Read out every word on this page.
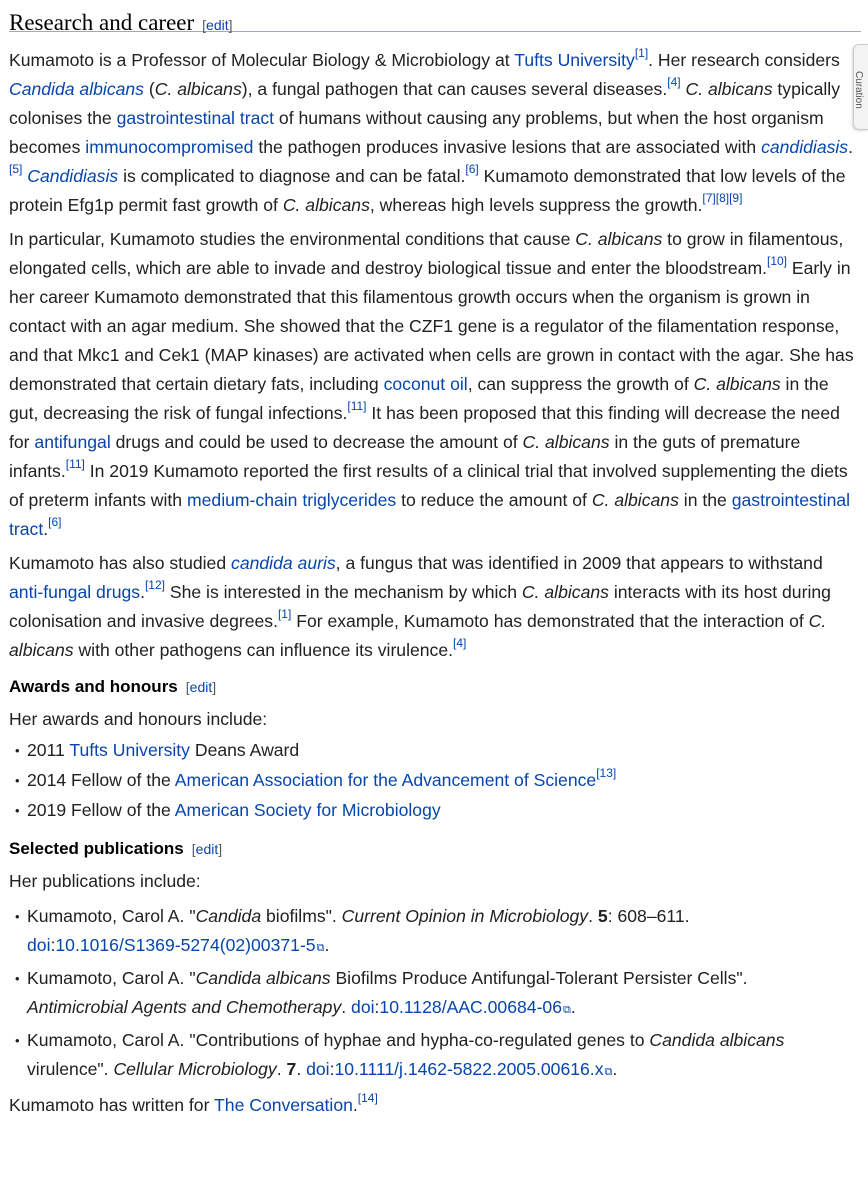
Curation
Research and career [edit]

Kumamoto is a Professor of Molecular Biology & Microbiology at Tufts University[1]. Her research considers Candida albicans (C. albicans), a fungal pathogen that can causes several diseases.[4] C. albicans typically colonises the gastrointestinal tract of humans without causing any problems, but when the host organism becomes immunocompromised the pathogen produces invasive lesions that are associated with candidiasis.[5] Candidiasis is complicated to diagnose and can be fatal.[6] Kumamoto demonstrated that low levels of the protein Efg1p permit fast growth of C. albicans, whereas high levels suppress the growth.[7][8][9]

In particular, Kumamoto studies the environmental conditions that cause C. albicans to grow in filamentous, elongated cells, which are able to invade and destroy biological tissue and enter the bloodstream.[10] Early in her career Kumamoto demonstrated that this filamentous growth occurs when the organism is grown in contact with an agar medium. She showed that the CZF1 gene is a regulator of the filamentation response, and that Mkc1 and Cek1 (MAP kinases) are activated when cells are grown in contact with the agar. She has demonstrated that certain dietary fats, including coconut oil, can suppress the growth of C. albicans in the gut, decreasing the risk of fungal infections.[11] It has been proposed that this finding will decrease the need for antifungal drugs and could be used to decrease the amount of C. albicans in the guts of premature infants.[11] In 2019 Kumamoto reported the first results of a clinical trial that involved supplementing the diets of preterm infants with medium-chain triglycerides to reduce the amount of C. albicans in the gastrointestinal tract.[6]

Kumamoto has also studied candida auris, a fungus that was identified in 2009 that appears to withstand anti-fungal drugs.[12] She is interested in the mechanism by which C. albicans interacts with its host during colonisation and invasive degrees.[1] For example, Kumamoto has demonstrated that the interaction of C. albicans with other pathogens can influence its virulence.[4]

Awards and honours [edit]

Her awards and honours include:

• 2011 Tufts University Deans Award
• 2014 Fellow of the American Association for the Advancement of Science[13]
• 2019 Fellow of the American Society for Microbiology
Selected publications [edit]

Her publications include:

• Kumamoto, Carol A. "Candida biofilms". Current Opinion in Microbiology. 5: 608–611.
doi:10.1016/S1369-5274(02)00371-5⧉.
• Kumamoto, Carol A. "Candida albicans Biofilms Produce Antifungal-Tolerant Persister Cells".
Antimicrobial Agents and Chemotherapy. doi:10.1128/AAC.00684-06⧉.
• Kumamoto, Carol A. "Contributions of hyphae and hypha-co-regulated genes to Candida albicans
virulence". Cellular Microbiology. 7. doi:10.1111/j.1462-5822.2005.00616.x⧉.

Kumamoto has written for The Conversation.[14]
